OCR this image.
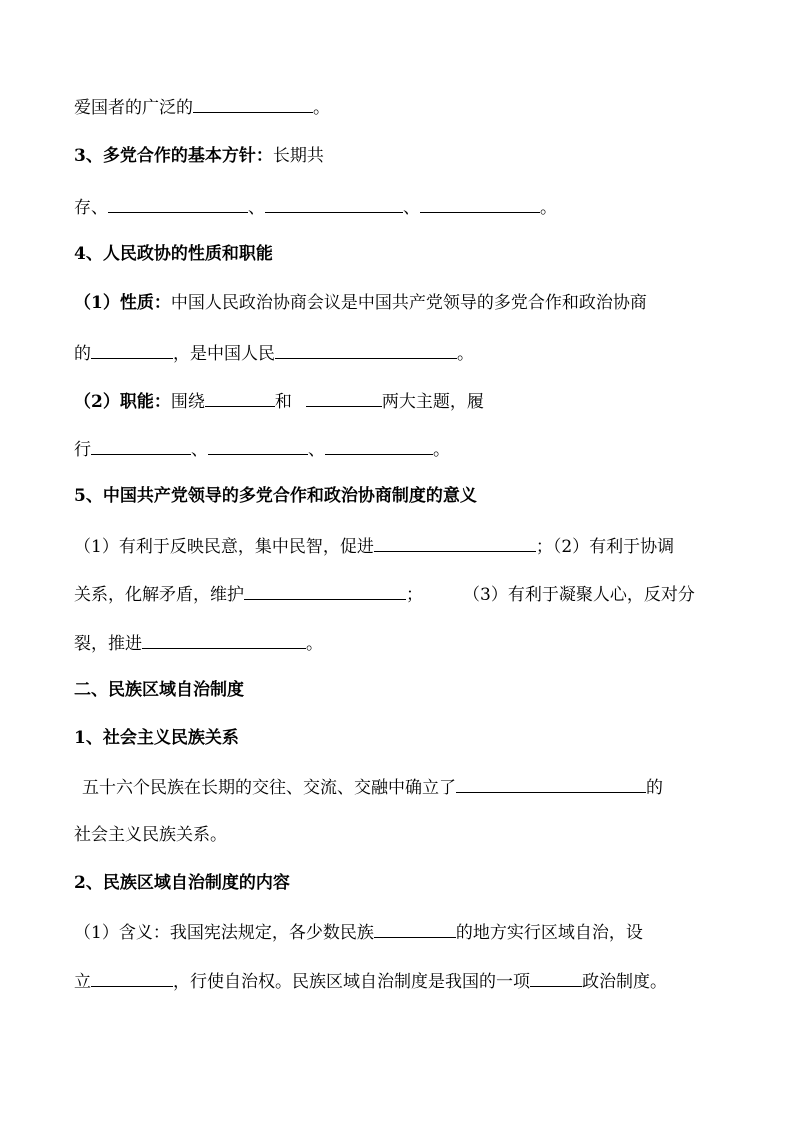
爱国者的广泛的	。
3、多党合作的基本方针：长期共
存、	、	、	。
4、人民政协的性质和职能
（1）性质：中国人民政治协商会议是中国共产党领导的多党合作和政治协商
的	，是中国人民	。
（2）职能：围绕	和	两大主题，履
行	、	、	。
5、中国共产党领导的多党合作和政治协商制度的意义
（1）有利于反映民意，集中民智，促进	；（2）有利于协调
关系，化解矛盾，维护	； （3）有利于凝聚人心，反对分
裂，推进	。
二、民族区域自治制度
1、社会主义民族关系
五十六个民族在长期的交往、交流、交融中确立了	的
社会主义民族关系。
2、民族区域自治制度的内容
（1）含义：我国宪法规定，各少数民族	的地方实行区域自治，设
立	，行使自治权。民族区域自治制度是我国的一项	政治制度。
